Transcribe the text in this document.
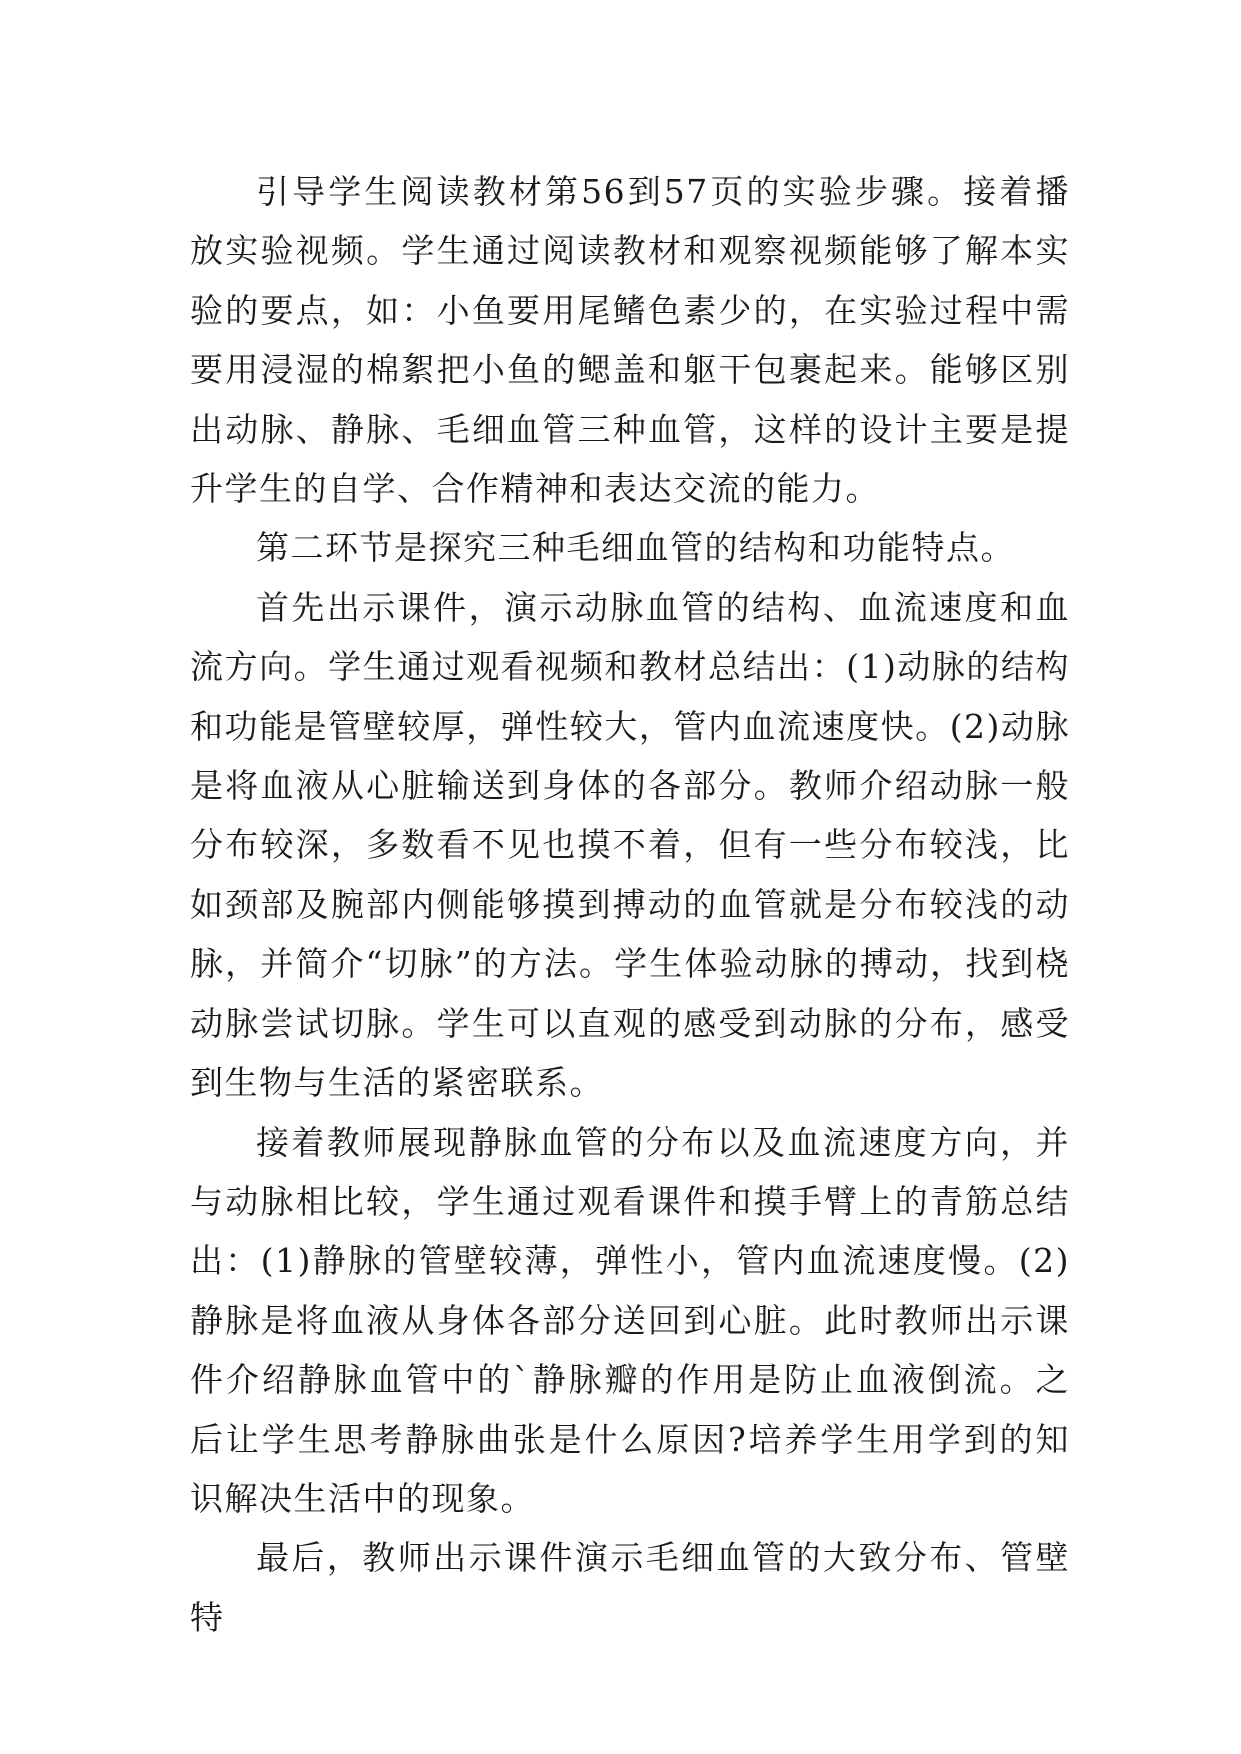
引导学生阅读教材第56到57页的实验步骤。接着播放实验视频。学生通过阅读教材和观察视频能够了解本实验的要点，如：小鱼要用尾鳍色素少的，在实验过程中需要用浸湿的棉絮把小鱼的鳃盖和躯干包裹起来。能够区别出动脉、静脉、毛细血管三种血管，这样的设计主要是提升学生的自学、合作精神和表达交流的能力。

第二环节是探究三种毛细血管的结构和功能特点。

首先出示课件，演示动脉血管的结构、血流速度和血流方向。学生通过观看视频和教材总结出：(1)动脉的结构和功能是管壁较厚，弹性较大，管内血流速度快。(2)动脉是将血液从心脏输送到身体的各部分。教师介绍动脉一般分布较深，多数看不见也摸不着，但有一些分布较浅，比如颈部及腕部内侧能够摸到搏动的血管就是分布较浅的动脉，并简介“切脉”的方法。学生体验动脉的搏动，找到桡动脉尝试切脉。学生可以直观的感受到动脉的分布，感受到生物与生活的紧密联系。

接着教师展现静脉血管的分布以及血流速度方向，并与动脉相比较，学生通过观看课件和摸手臂上的青筋总结出：(1)静脉的管壁较薄，弹性小，管内血流速度慢。(2)静脉是将血液从身体各部分送回到心脏。此时教师出示课件介绍静脉血管中的`静脉瓣的作用是防止血液倒流。之后让学生思考静脉曲张是什么原因?培养学生用学到的知识解决生活中的现象。

最后，教师出示课件演示毛细血管的大致分布、管壁特
